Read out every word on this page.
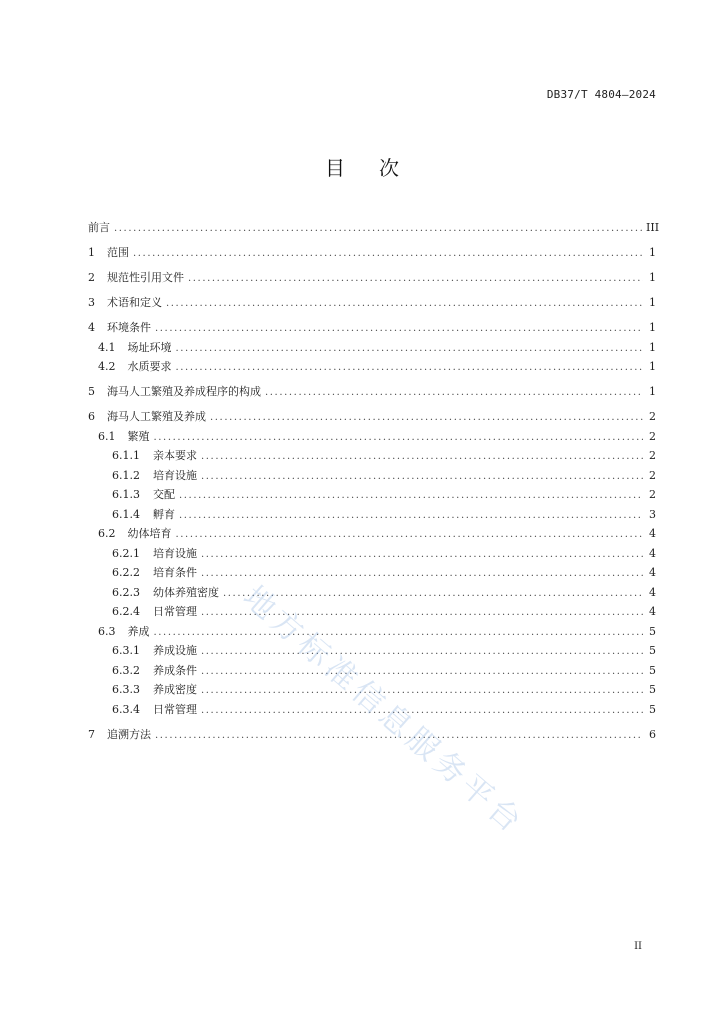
DB37/T 4804—2024
目次
前言 .....	III
1 范围 .....	1
2 规范性引用文件 .....	1
3 术语和定义 .....	1
4 环境条件 .....	1
4.1 场址环境 .....	1
4.2 水质要求 .....	1
5 海马人工繁殖及养成程序的构成 .....	1
6 海马人工繁殖及养成 .....	2
6.1 繁殖 .....	2
6.1.1 亲本要求 .....	2
6.1.2 培育设施 .....	2
6.1.3 交配 .....	2
6.1.4 孵育 .....	3
6.2 幼体培育 .....	4
6.2.1 培育设施 .....	4
6.2.2 培育条件 .....	4
6.2.3 幼体养殖密度 .....	4
6.2.4 日常管理 .....	4
6.3 养成 .....	5
6.3.1 养成设施 .....	5
6.3.2 养成条件 .....	5
6.3.3 养成密度 .....	5
6.3.4 日常管理 .....	5
7 追溯方法 .....	6
地方标准信息服务平台
II
